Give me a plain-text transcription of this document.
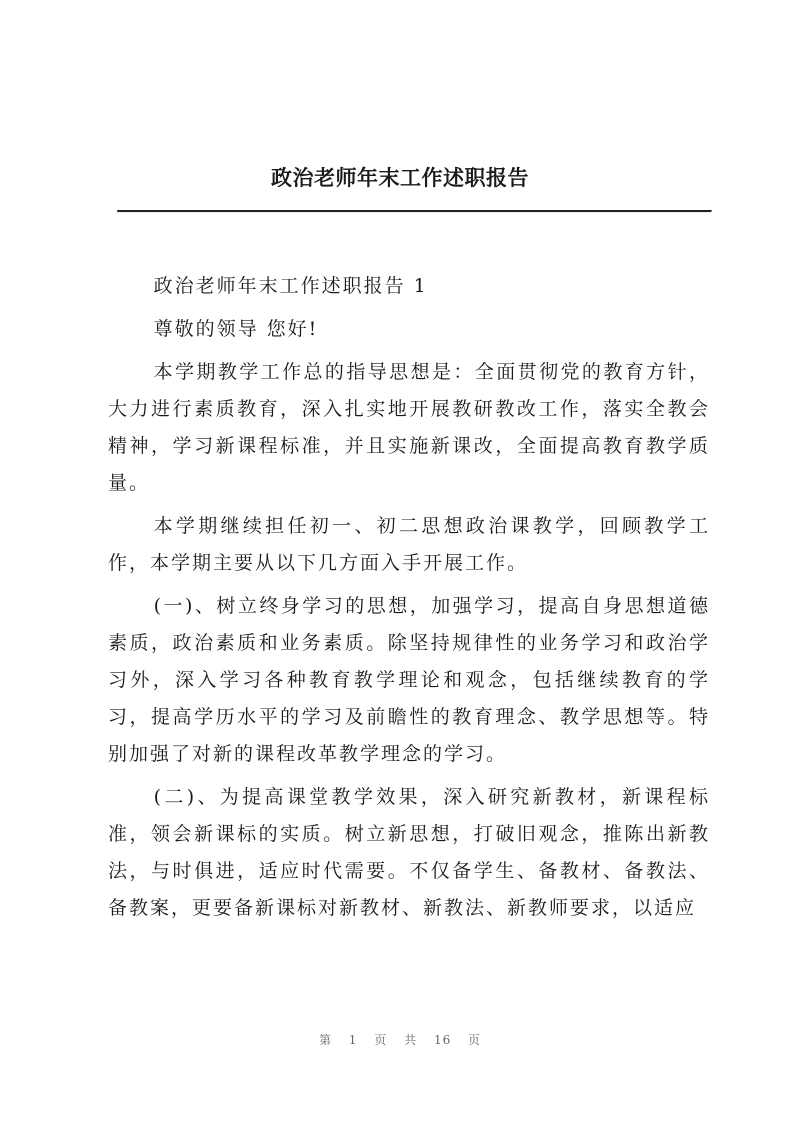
政治老师年末工作述职报告

政治老师年末工作述职报告 1

尊敬的领导 您好!

本学期教学工作总的指导思想是：全面贯彻党的教育方针，大力进行素质教育，深入扎实地开展教研教改工作，落实全教会精神，学习新课程标准，并且实施新课改，全面提高教育教学质量。

本学期继续担任初一、初二思想政治课教学，回顾教学工作，本学期主要从以下几方面入手开展工作。

(一)、树立终身学习的思想，加强学习，提高自身思想道德素质，政治素质和业务素质。除坚持规律性的业务学习和政治学习外，深入学习各种教育教学理论和观念，包括继续教育的学习，提高学历水平的学习及前瞻性的教育理念、教学思想等。特别加强了对新的课程改革教学理念的学习。

(二)、为提高课堂教学效果，深入研究新教材，新课程标准，领会新课标的实质。树立新思想，打破旧观念，推陈出新教法，与时俱进，适应时代需要。不仅备学生、备教材、备教法、备教案，更要备新课标对新教材、新教法、新教师要求，以适应

第 1 页 共 16 页
